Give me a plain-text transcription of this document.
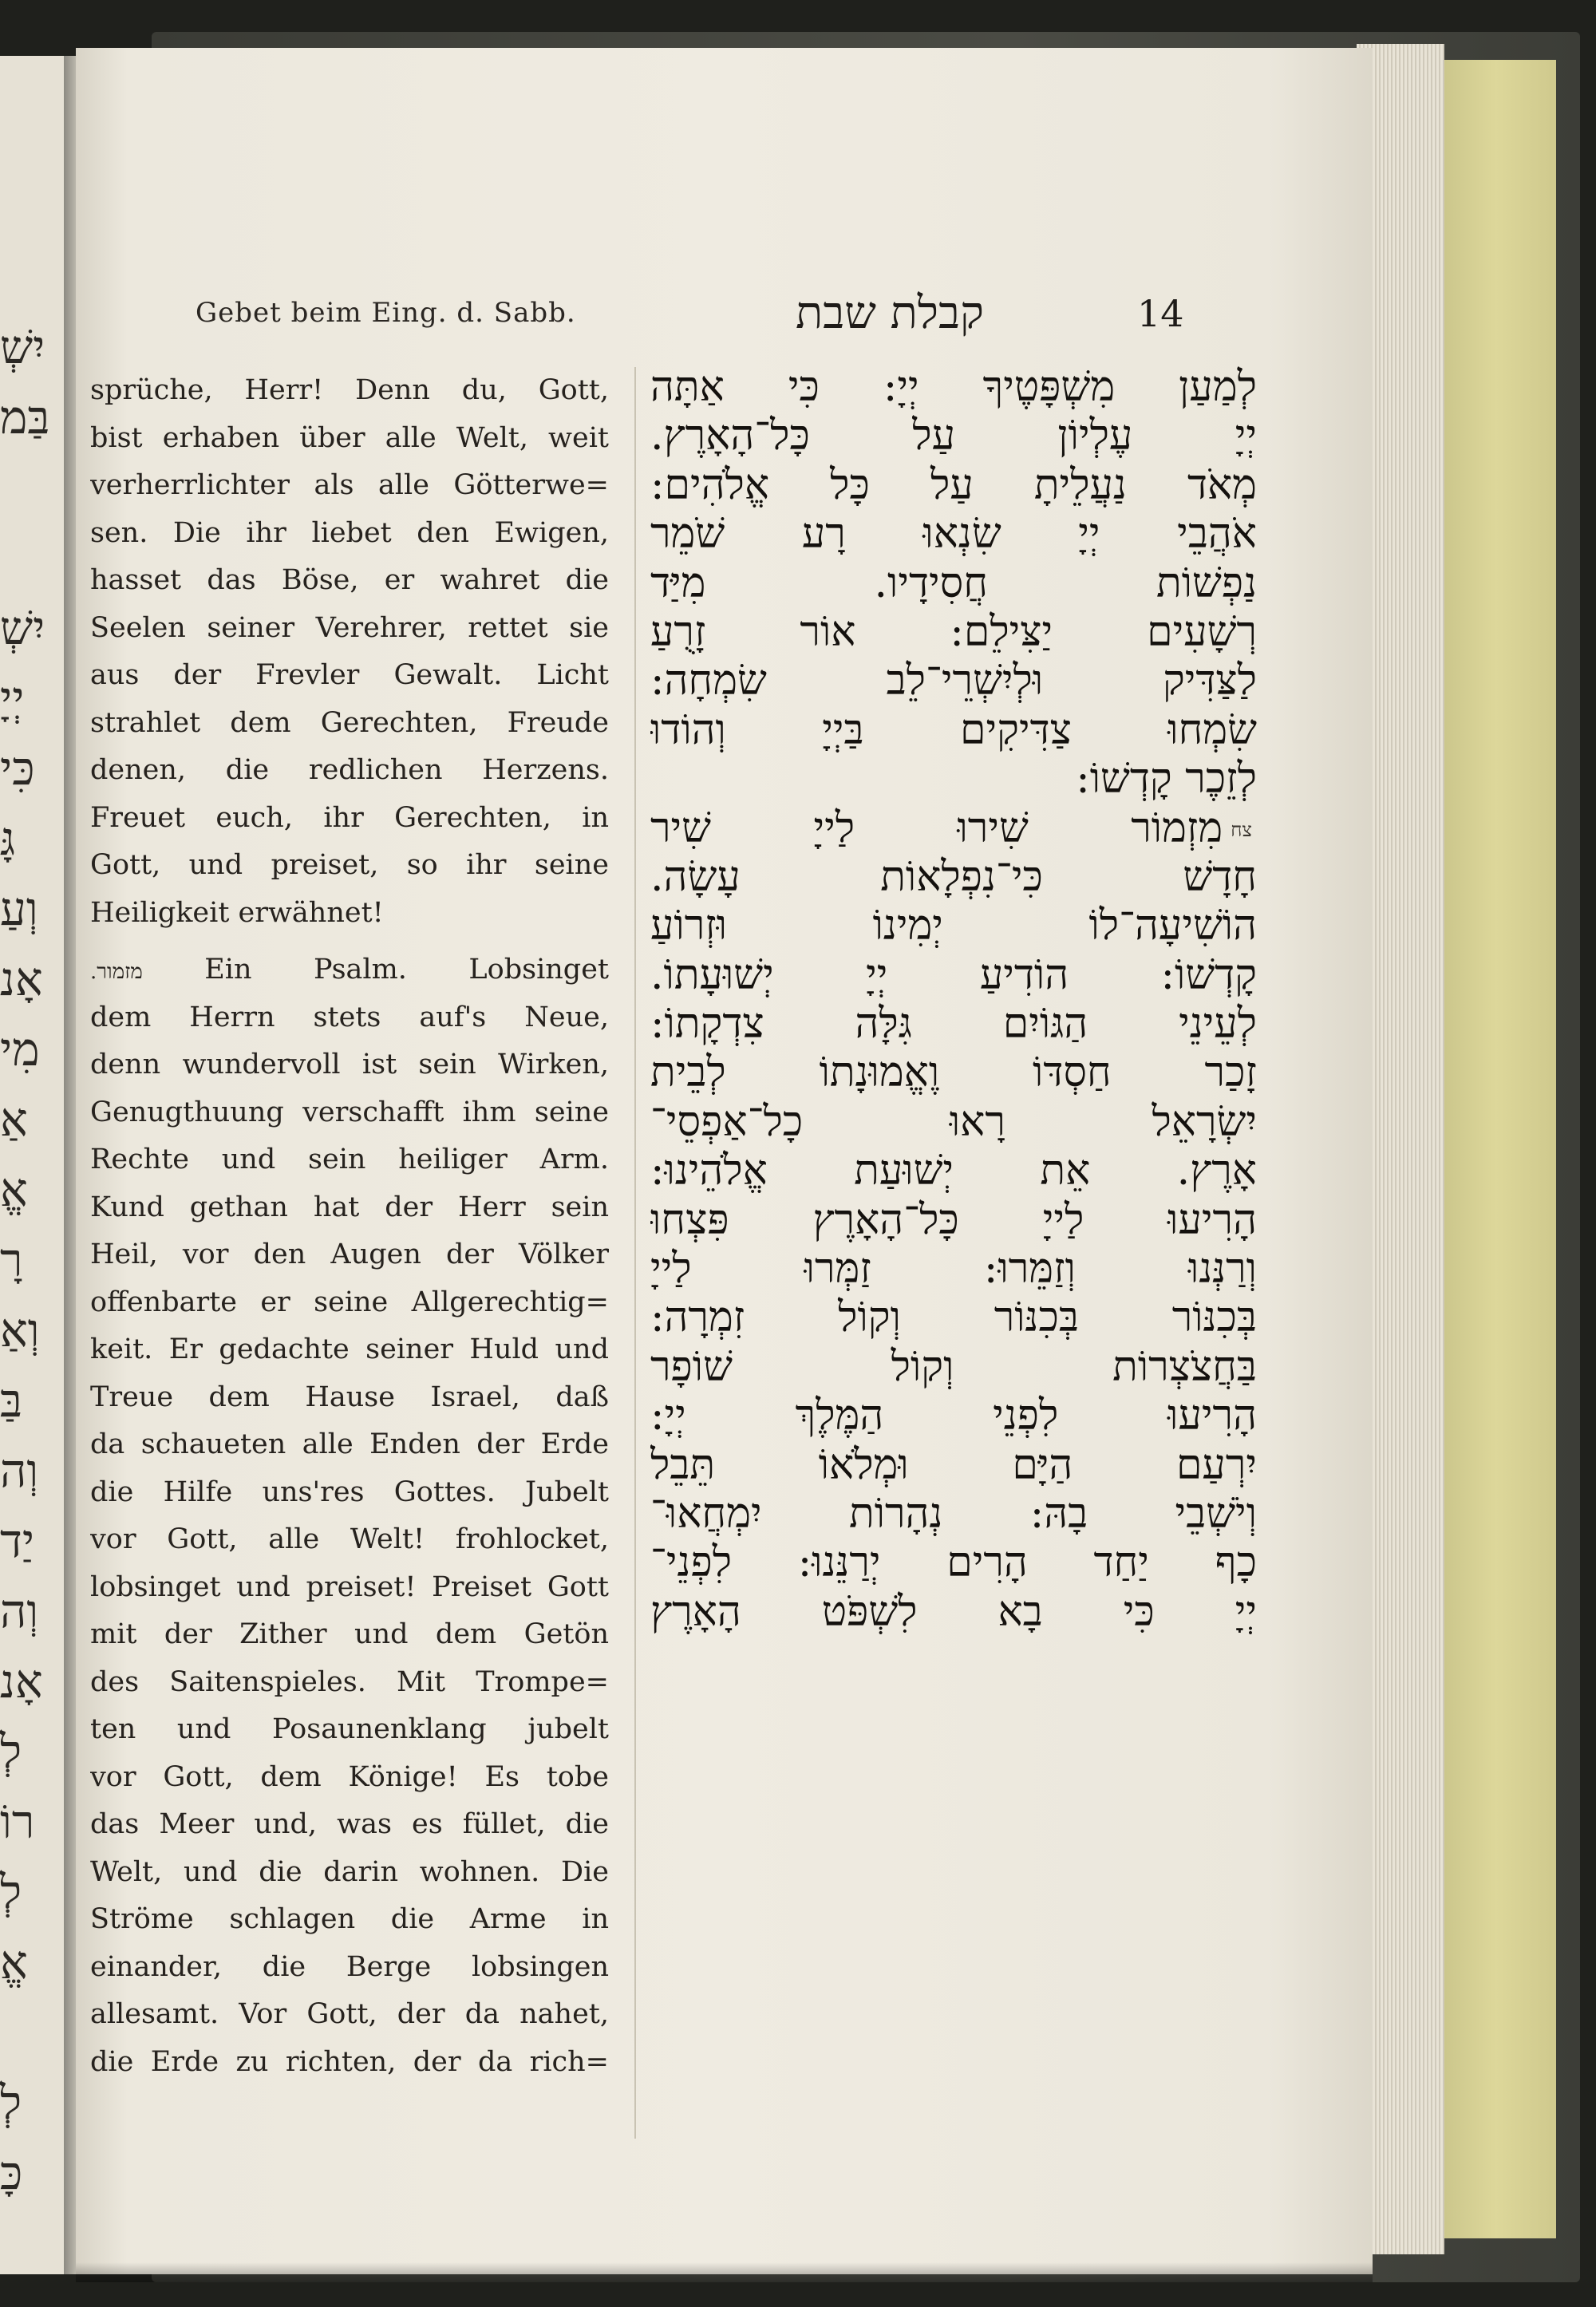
יִשְׁ
בַּמ
יִשְׁ
יְיָ
כִּי
גָּ
וְעַ
אָנ
מִי
אַ
אֱ
רָ
וְאַ
בַּ
וְה
יַד
וְה
אָנ
לְ
רוֹ
לְ
אֱ
לְ
כָּ
Gebet beim Eing. d. Sabb.	קבלת שבת	14
sprüche, Herr! Denn du, Gott,
bist erhaben über alle Welt, weit
verherrlichter als alle Götterwe=
sen. Die ihr liebet den Ewigen,
hasset das Böse, er wahret die
Seelen seiner Verehrer, rettet sie
aus der Frevler Gewalt. Licht
strahlet dem Gerechten, Freude
denen, die redlichen Herzens.
Freuet euch, ihr Gerechten, in
Gott, und preiset, so ihr seine
Heiligkeit erwähnet!
מזמור. Ein Psalm. Lobsinget
dem Herrn stets auf's Neue,
denn wundervoll ist sein Wirken,
Genugthuung verschafft ihm seine
Rechte und sein heiliger Arm.
Kund gethan hat der Herr sein
Heil, vor den Augen der Völker
offenbarte er seine Allgerechtig=
keit. Er gedachte seiner Huld und
Treue dem Hause Israel, daß
da schaueten alle Enden der Erde
die Hilfe uns'res Gottes. Jubelt
vor Gott, alle Welt! frohlocket,
lobsinget und preiset! Preiset Gott
mit der Zither und dem Getön
des Saitenspieles. Mit Trompe=
ten und Posaunenklang jubelt
vor Gott, dem Könige! Es tobe
das Meer und, was es füllet, die
Welt, und die darin wohnen. Die
Ströme schlagen die Arme in
einander, die Berge lobsingen
allesamt. Vor Gott, der da nahet,
die Erde zu richten, der da rich=
לְמַעַן מִשְׁפָּטֶיךָ יְיָ: כִּי אַתָּה
יְיָ עֶלְיוֹן עַל כָּל־הָאָרֶץ.
מְאֹד נַעֲלֵיתָ עַל כָּל אֱלֹהִים:
אֹהֲבֵי יְיָ שִׂנְאוּ רָע שֹׁמֵר
נַפְשׁוֹת חֲסִידָיו. מִיַּד
רְשָׁעִים יַצִּילֵם: אוֹר זָרֻעַ
לַצַּדִּיק וּלְיִשְׁרֵי־לֵב שִׂמְחָה:
שִׂמְחוּ צַדִּיקִים בַּיְיָ וְהוֹדוּ
לְזֵכֶר קָדְשׁוֹ:
צחמִזְמוֹר שִׁירוּ לַייָ שִׁיר
חָדָשׁ כִּי־נִפְלָאוֹת עָשָׂה.
הוֹשִׁיעָה־לוֹ יְמִינוֹ וּזְרוֹעַ
קָדְשׁוֹ: הוֹדִיעַ יְיָ יְשׁוּעָתוֹ.
לְעֵינֵי הַגּוֹיִם גִּלָּה צִדְקָתוֹ:
זָכַר חַסְדּוֹ וֶאֱמוּנָתוֹ לְבֵית
יִשְׂרָאֵל רָאוּ כָל־אַפְסֵי־
אָרֶץ. אֵת יְשׁוּעַת אֱלֹהֵינוּ:
הָרִיעוּ לַייָ כָּל־הָאָרֶץ פִּצְחוּ
וְרַנְּנוּ וְזַמֵּרוּ: זַמְּרוּ לַייָ
בְּכִנּוֹר בְּכִנּוֹר וְקוֹל זִמְרָה:
בַּחֲצֹצְרוֹת וְקוֹל שׁוֹפָר
הָרִיעוּ לִפְנֵי הַמֶּלֶךְ יְיָ:
יִרְעַם הַיָּם וּמְלֹאוֹ תֵּבֵל
וְיֹשְׁבֵי בָהּ: נְהָרוֹת יִמְחֲאוּ־
כָף יַחַד הָרִים יְרַנֵּנוּ: לִפְנֵי־
יְיָ כִּי בָא לִשְׁפֹּט הָאָרֶץ
